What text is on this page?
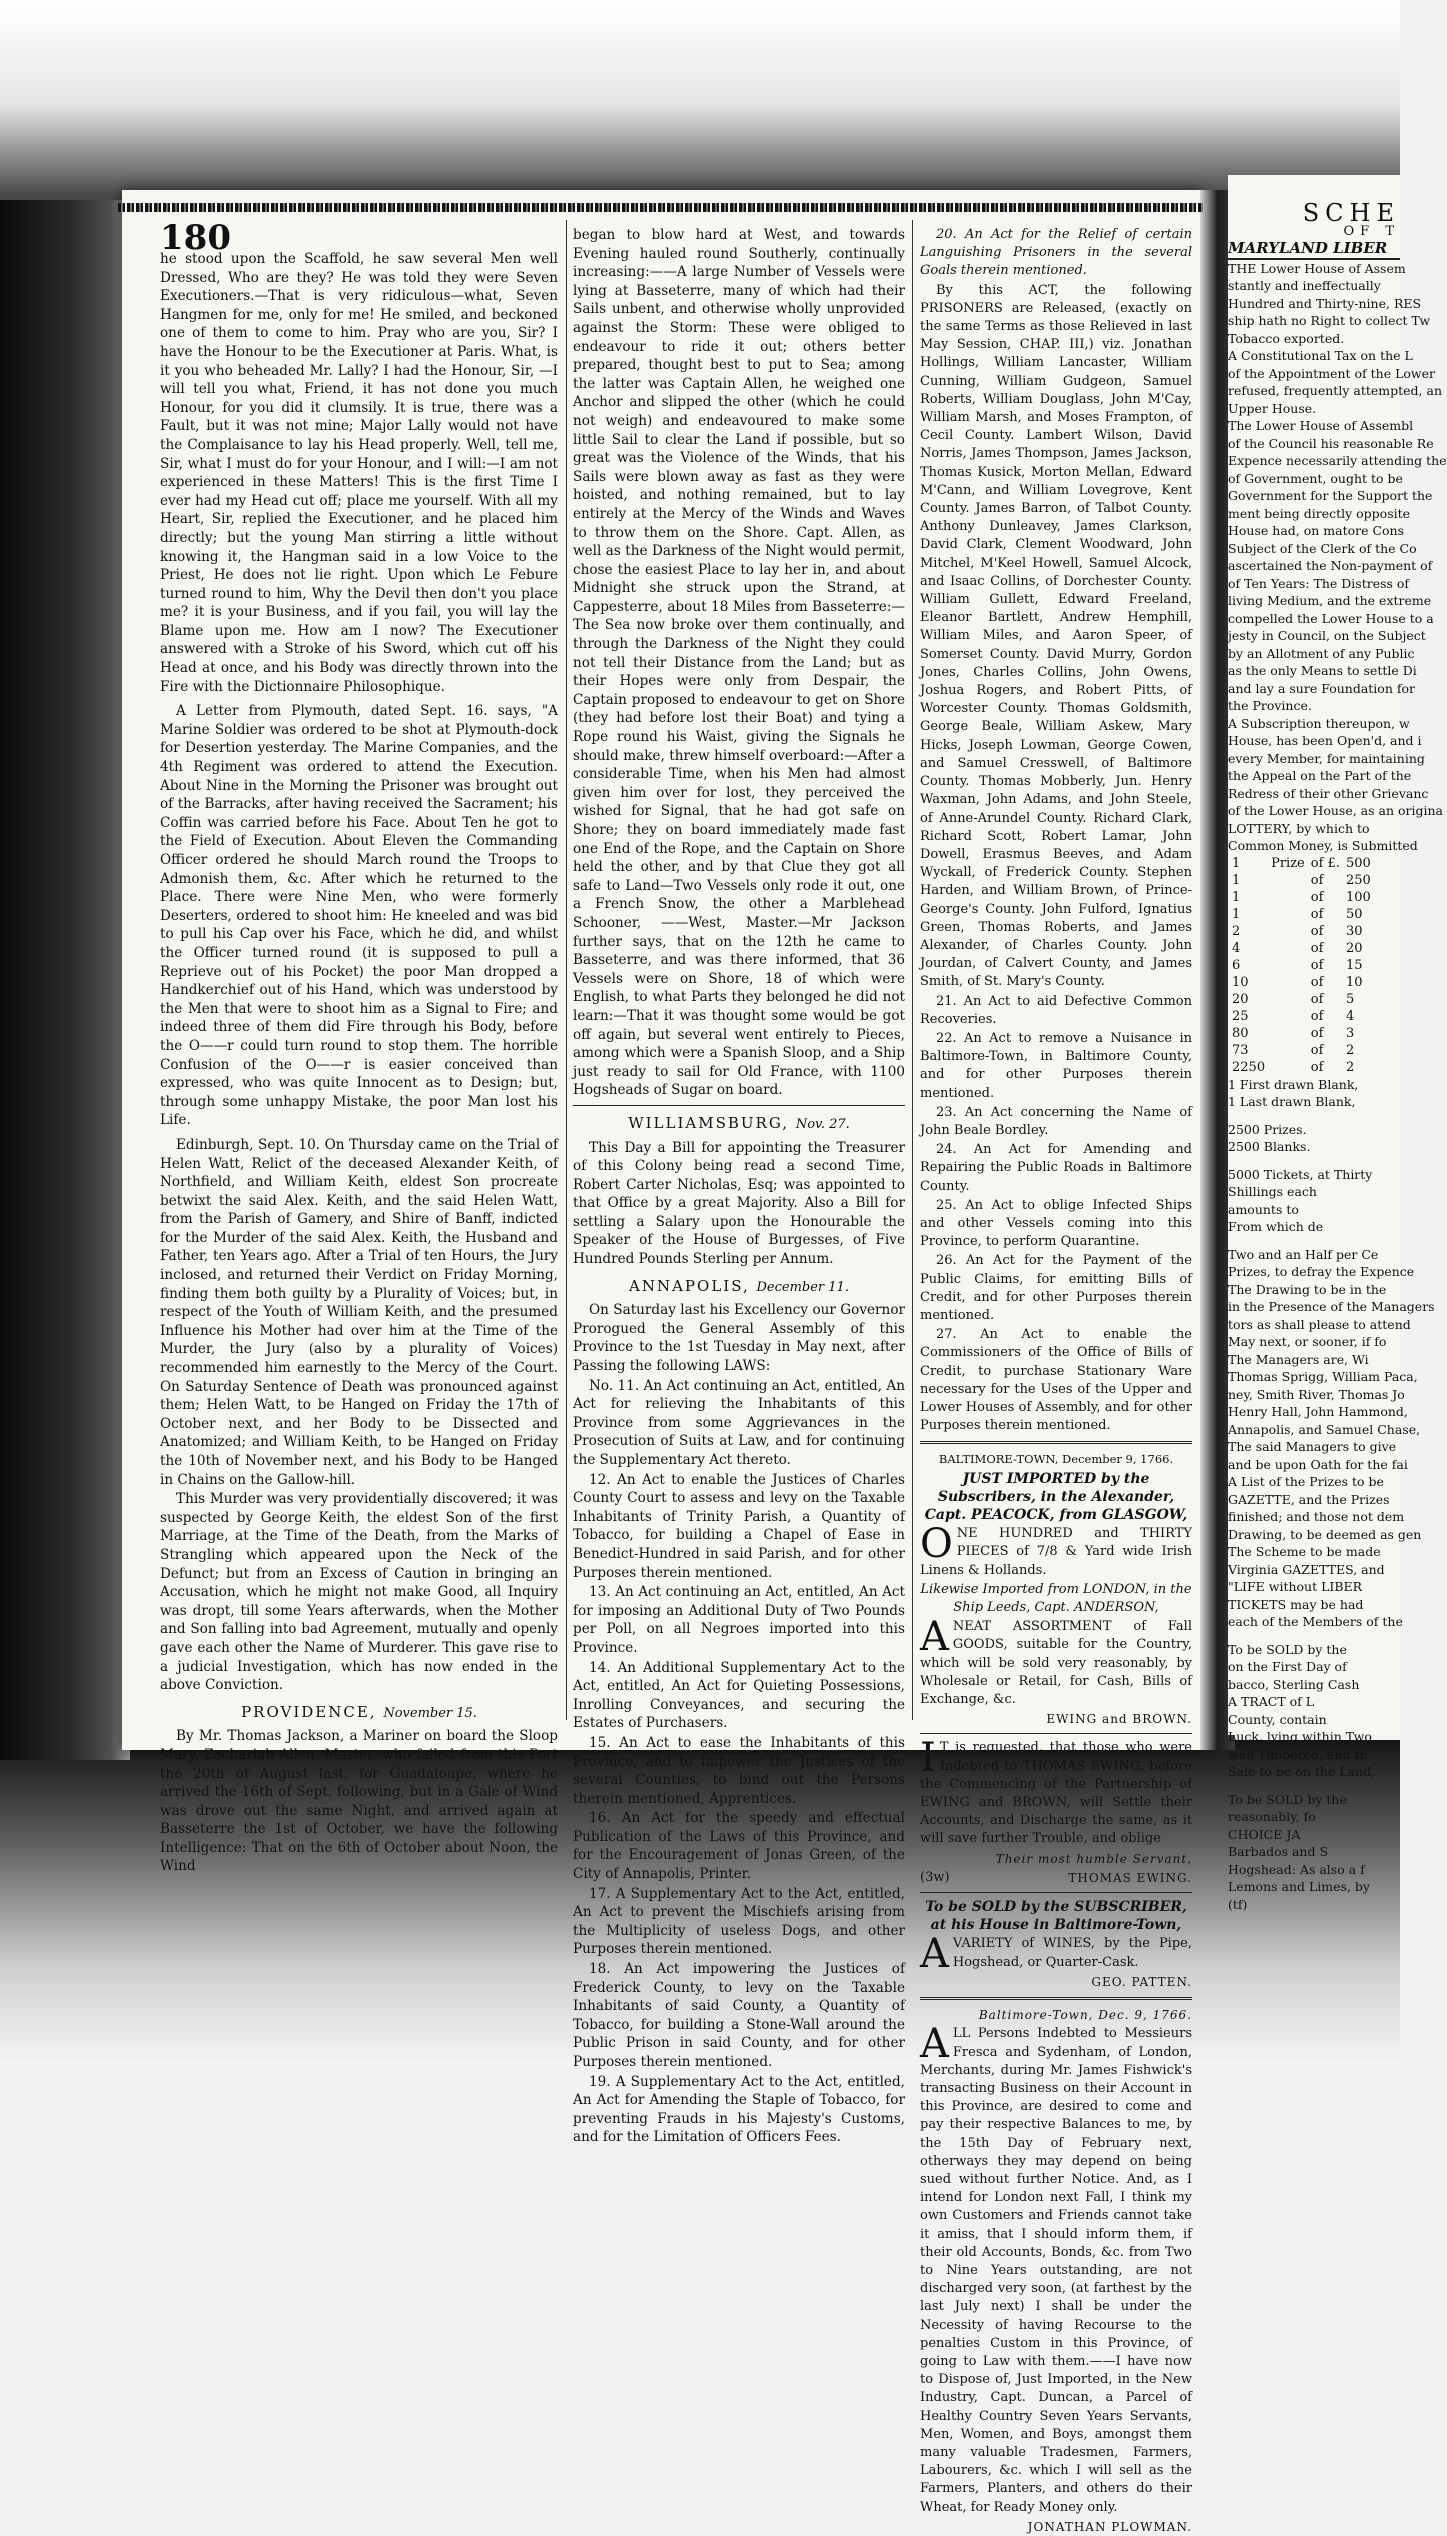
SCHE
OF T
MARYLAND LIBER

THE Lower House of Assem

stantly and ineffectually

Hundred and Thirty-nine, RES

ship hath no Right to collect Tw

Tobacco exported.

A Constitutional Tax on the L

of the Appointment of the Lower

refused, frequently attempted, an

Upper House.

The Lower House of Assembl

of the Council his reasonable Re

Expence necessarily attending the

of Government, ought to be

Government for the Support the

ment being directly opposite

House had, on matore Cons

Subject of the Clerk of the Co

ascertained the Non-payment of

of Ten Years: The Distress of

living Medium, and the extreme

compelled the Lower House to a

jesty in Council, on the Subject

by an Allotment of any Public

as the only Means to settle Di

and lay a sure Foundation for

the Province.

A Subscription thereupon, w

House, has been Open'd, and i

every Member, for maintaining

the Appeal on the Part of the

Redress of their other Grievanc

of the Lower House, as an origina

LOTTERY, by which to

Common Money, is Submitted

1	Prize	of £.	500
1		of	250
1		of	100
1		of	50
2		of	30
4		of	20
6		of	15
10		of	10
20		of	5
25		of	4
80		of	3
73		of	2
2250		of	2

1 First drawn Blank,

1 Last drawn Blank,

2500 Prizes.

2500 Blanks.

5000 Tickets, at Thirty

Shillings each

amounts to

From which de

Two and an Half per Ce

Prizes, to defray the Expence

The Drawing to be in the

in the Presence of the Managers

tors as shall please to attend

May next, or sooner, if fo

The Managers are, Wi

Thomas Sprigg, William Paca,

ney, Smith River, Thomas Jo

Henry Hall, John Hammond,

Annapolis, and Samuel Chase,

The said Managers to give

and be upon Oath for the fai

A List of the Prizes to be

GAZETTE, and the Prizes

finished; and those not dem

Drawing, to be deemed as gen

The Scheme to be made

Virginia GAZETTES, and

"LIFE without LIBER

TICKETS may be had

each of the Members of the

To be SOLD by the

on the First Day of

bacco, Sterling Cash

A TRACT of L

County, contain

Luck, lying within Two

well Timbered, and th

Sale to be on the Land,

To be SOLD by the

reasonably, fo

CHOICE JA

Barbados and S

Hogshead: As also a f

Lemons and Limes, by

(tf)

180

he stood upon the Scaffold, he saw several Men well Dressed, Who are they? He was told they were Seven Executioners.—That is very ridiculous—what, Seven Hangmen for me, only for me! He smiled, and beckoned one of them to come to him. Pray who are you, Sir? I have the Honour to be the Executioner at Paris. What, is it you who beheaded Mr. Lally? I had the Honour, Sir, —I will tell you what, Friend, it has not done you much Honour, for you did it clumsily. It is true, there was a Fault, but it was not mine; Major Lally would not have the Complaisance to lay his Head properly. Well, tell me, Sir, what I must do for your Honour, and I will:—I am not experienced in these Matters! This is the first Time I ever had my Head cut off; place me yourself. With all my Heart, Sir, replied the Executioner, and he placed him directly; but the young Man stirring a little without knowing it, the Hangman said in a low Voice to the Priest, He does not lie right. Upon which Le Febure turned round to him, Why the Devil then don't you place me? it is your Business, and if you fail, you will lay the Blame upon me. How am I now? The Executioner answered with a Stroke of his Sword, which cut off his Head at once, and his Body was directly thrown into the Fire with the Dictionnaire Philosophique.

A Letter from Plymouth, dated Sept. 16. says, "A Marine Soldier was ordered to be shot at Plymouth-dock for Desertion yesterday. The Marine Companies, and the 4th Regiment was ordered to attend the Execution. About Nine in the Morning the Prisoner was brought out of the Barracks, after having received the Sacrament; his Coffin was carried before his Face. About Ten he got to the Field of Execution. About Eleven the Commanding Officer ordered he should March round the Troops to Admonish them, &c. After which he returned to the Place. There were Nine Men, who were formerly Deserters, ordered to shoot him: He kneeled and was bid to pull his Cap over his Face, which he did, and whilst the Officer turned round (it is supposed to pull a Reprieve out of his Pocket) the poor Man dropped a Handkerchief out of his Hand, which was understood by the Men that were to shoot him as a Signal to Fire; and indeed three of them did Fire through his Body, before the O——r could turn round to stop them. The horrible Confusion of the O——r is easier conceived than expressed, who was quite Innocent as to Design; but, through some unhappy Mistake, the poor Man lost his Life.

Edinburgh, Sept. 10. On Thursday came on the Trial of Helen Watt, Relict of the deceased Alexander Keith, of Northfield, and William Keith, eldest Son procreate betwixt the said Alex. Keith, and the said Helen Watt, from the Parish of Gamery, and Shire of Banff, indicted for the Murder of the said Alex. Keith, the Husband and Father, ten Years ago. After a Trial of ten Hours, the Jury inclosed, and returned their Verdict on Friday Morning, finding them both guilty by a Plurality of Voices; but, in respect of the Youth of William Keith, and the presumed Influence his Mother had over him at the Time of the Murder, the Jury (also by a plurality of Voices) recommended him earnestly to the Mercy of the Court. On Saturday Sentence of Death was pronounced against them; Helen Watt, to be Hanged on Friday the 17th of October next, and her Body to be Dissected and Anatomized; and William Keith, to be Hanged on Friday the 10th of November next, and his Body to be Hanged in Chains on the Gallow-hill.

This Murder was very providentially discovered; it was suspected by George Keith, the eldest Son of the first Marriage, at the Time of the Death, from the Marks of Strangling which appeared upon the Neck of the Defunct; but from an Excess of Caution in bringing an Accusation, which he might not make Good, all Inquiry was dropt, till some Years afterwards, when the Mother and Son falling into bad Agreement, mutually and openly gave each other the Name of Murderer. This gave rise to a judicial Investigation, which has now ended in the above Conviction.

PROVIDENCE, November 15.

By Mr. Thomas Jackson, a Mariner on board the Sloop Mary, Zachariah Allen, Master, who failed from this Port the 20th of August last, for Guadaloupe, where he arrived the 16th of Sept. following, but in a Gale of Wind was drove out the same Night, and arrived again at Basseterre the 1st of October, we have the following Intelligence: That on the 6th of October about Noon, the Wind

began to blow hard at West, and towards Evening hauled round Southerly, continually increasing:——A large Number of Vessels were lying at Basseterre, many of which had their Sails unbent, and otherwise wholly unprovided against the Storm: These were obliged to endeavour to ride it out; others better prepared, thought best to put to Sea; among the latter was Captain Allen, he weighed one Anchor and slipped the other (which he could not weigh) and endeavoured to make some little Sail to clear the Land if possible, but so great was the Violence of the Winds, that his Sails were blown away as fast as they were hoisted, and nothing remained, but to lay entirely at the Mercy of the Winds and Waves to throw them on the Shore. Capt. Allen, as well as the Darkness of the Night would permit, chose the easiest Place to lay her in, and about Midnight she struck upon the Strand, at Cappesterre, about 18 Miles from Basseterre:—The Sea now broke over them continually, and through the Darkness of the Night they could not tell their Distance from the Land; but as their Hopes were only from Despair, the Captain proposed to endeavour to get on Shore (they had before lost their Boat) and tying a Rope round his Waist, giving the Signals he should make, threw himself overboard:—After a considerable Time, when his Men had almost given him over for lost, they perceived the wished for Signal, that he had got safe on Shore; they on board immediately made fast one End of the Rope, and the Captain on Shore held the other, and by that Clue they got all safe to Land—Two Vessels only rode it out, one a French Snow, the other a Marblehead Schooner, ——West, Master.—Mr Jackson further says, that on the 12th he came to Basseterre, and was there informed, that 36 Vessels were on Shore, 18 of which were English, to what Parts they belonged he did not learn:—That it was thought some would be got off again, but several went entirely to Pieces, among which were a Spanish Sloop, and a Ship just ready to sail for Old France, with 1100 Hogsheads of Sugar on board.

WILLIAMSBURG, Nov. 27.

This Day a Bill for appointing the Treasurer of this Colony being read a second Time, Robert Carter Nicholas, Esq; was appointed to that Office by a great Majority. Also a Bill for settling a Salary upon the Honourable the Speaker of the House of Burgesses, of Five Hundred Pounds Sterling per Annum.

ANNAPOLIS, December 11.

On Saturday last his Excellency our Governor Prorogued the General Assembly of this Province to the 1st Tuesday in May next, after Passing the following LAWS:

No. 11. An Act continuing an Act, entitled, An Act for relieving the Inhabitants of this Province from some Aggrievances in the Prosecution of Suits at Law, and for continuing the Supplementary Act thereto.

12. An Act to enable the Justices of Charles County Court to assess and levy on the Taxable Inhabitants of Trinity Parish, a Quantity of Tobacco, for building a Chapel of Ease in Benedict-Hundred in said Parish, and for other Purposes therein mentioned.

13. An Act continuing an Act, entitled, An Act for imposing an Additional Duty of Two Pounds per Poll, on all Negroes imported into this Province.

14. An Additional Supplementary Act to the Act, entitled, An Act for Quieting Possessions, Inrolling Conveyances, and securing the Estates of Purchasers.

15. An Act to ease the Inhabitants of this Province, and to impower the Justices of the several Counties, to bind out the Persons therein mentioned, Apprentices.

16. An Act for the speedy and effectual Publication of the Laws of this Province, and for the Encouragement of Jonas Green, of the City of Annapolis, Printer.

17. A Supplementary Act to the Act, entitled, An Act to prevent the Mischiefs arising from the Multiplicity of useless Dogs, and other Purposes therein mentioned.

18. An Act impowering the Justices of Frederick County, to levy on the Taxable Inhabitants of said County, a Quantity of Tobacco, for building a Stone-Wall around the Public Prison in said County, and for other Purposes therein mentioned.

19. A Supplementary Act to the Act, entitled, An Act for Amending the Staple of Tobacco, for preventing Frauds in his Majesty's Customs, and for the Limitation of Officers Fees.

20. An Act for the Relief of certain Languishing Prisoners in the several Goals therein mentioned.

By this ACT, the following PRISONERS are Released, (exactly on the same Terms as those Relieved in last May Session, CHAP. III,) viz. Jonathan Hollings, William Lancaster, William Cunning, William Gudgeon, Samuel Roberts, William Douglass, John M'Cay, William Marsh, and Moses Frampton, of Cecil County. Lambert Wilson, David Norris, James Thompson, James Jackson, Thomas Kusick, Morton Mellan, Edward M'Cann, and William Lovegrove, Kent County. James Barron, of Talbot County. Anthony Dunleavey, James Clarkson, David Clark, Clement Woodward, John Mitchel, M'Keel Howell, Samuel Alcock, and Isaac Collins, of Dorchester County. William Gullett, Edward Freeland, Eleanor Bartlett, Andrew Hemphill, William Miles, and Aaron Speer, of Somerset County. David Murry, Gordon Jones, Charles Collins, John Owens, Joshua Rogers, and Robert Pitts, of Worcester County. Thomas Goldsmith, George Beale, William Askew, Mary Hicks, Joseph Lowman, George Cowen, and Samuel Cresswell, of Baltimore County. Thomas Mobberly, Jun. Henry Waxman, John Adams, and John Steele, of Anne-Arundel County. Richard Clark, Richard Scott, Robert Lamar, John Dowell, Erasmus Beeves, and Adam Wyckall, of Frederick County. Stephen Harden, and William Brown, of Prince-George's County. John Fulford, Ignatius Green, Thomas Roberts, and James Alexander, of Charles County. John Jourdan, of Calvert County, and James Smith, of St. Mary's County.

21. An Act to aid Defective Common Recoveries.

22. An Act to remove a Nuisance in Baltimore-Town, in Baltimore County, and for other Purposes therein mentioned.

23. An Act concerning the Name of John Beale Bordley.

24. An Act for Amending and Repairing the Public Roads in Baltimore County.

25. An Act to oblige Infected Ships and other Vessels coming into this Province, to perform Quarantine.

26. An Act for the Payment of the Public Claims, for emitting Bills of Credit, and for other Purposes therein mentioned.

27. An Act to enable the Commissioners of the Office of Bills of Credit, to purchase Stationary Ware necessary for the Uses of the Upper and Lower Houses of Assembly, and for other Purposes therein mentioned.

BALTIMORE-TOWN, December 9, 1766.

JUST IMPORTED by the Subscribers, in the Alexander, Capt. PEACOCK, from GLASGOW,

ONE HUNDRED and THIRTY PIECES of 7/8 & Yard wide Irish Linens & Hollands.

Likewise Imported from LONDON, in the Ship Leeds, Capt. ANDERSON,

ANEAT ASSORTMENT of Fall GOODS, suitable for the Country, which will be sold very reasonably, by Wholesale or Retail, for Cash, Bills of Exchange, &c.

EWING and BROWN.

I T is requested, that those who were Indebted to THOMAS EWING, before the Commencing of the Partnership of EWING and BROWN, will Settle their Accounts, and Discharge the same, as it will save further Trouble, and oblige

Their most humble Servant,

(3w)	THOMAS EWING.

To be SOLD by the SUBSCRIBER, at his House in Baltimore-Town,

AVARIETY of WINES, by the Pipe, Hogshead, or Quarter-Cask.

GEO. PATTEN.

Baltimore-Town, Dec. 9, 1766.

ALL Persons Indebted to Messieurs Fresca and Sydenham, of London, Merchants, during Mr. James Fishwick's transacting Business on their Account in this Province, are desired to come and pay their respective Balances to me, by the 15th Day of February next, otherways they may depend on being sued without further Notice. And, as I intend for London next Fall, I think my own Customers and Friends cannot take it amiss, that I should inform them, if their old Accounts, Bonds, &c. from Two to Nine Years outstanding, are not discharged very soon, (at farthest by the last July next) I shall be under the Necessity of having Recourse to the penalties Custom in this Province, of going to Law with them.——I have now to Dispose of, Just Imported, in the New Industry, Capt. Duncan, a Parcel of Healthy Country Seven Years Servants, Men, Women, and Boys, amongst them many valuable Tradesmen, Farmers, Labourers, &c. which I will sell as the Farmers, Planters, and others do their Wheat, for Ready Money only.

JONATHAN PLOWMAN.
